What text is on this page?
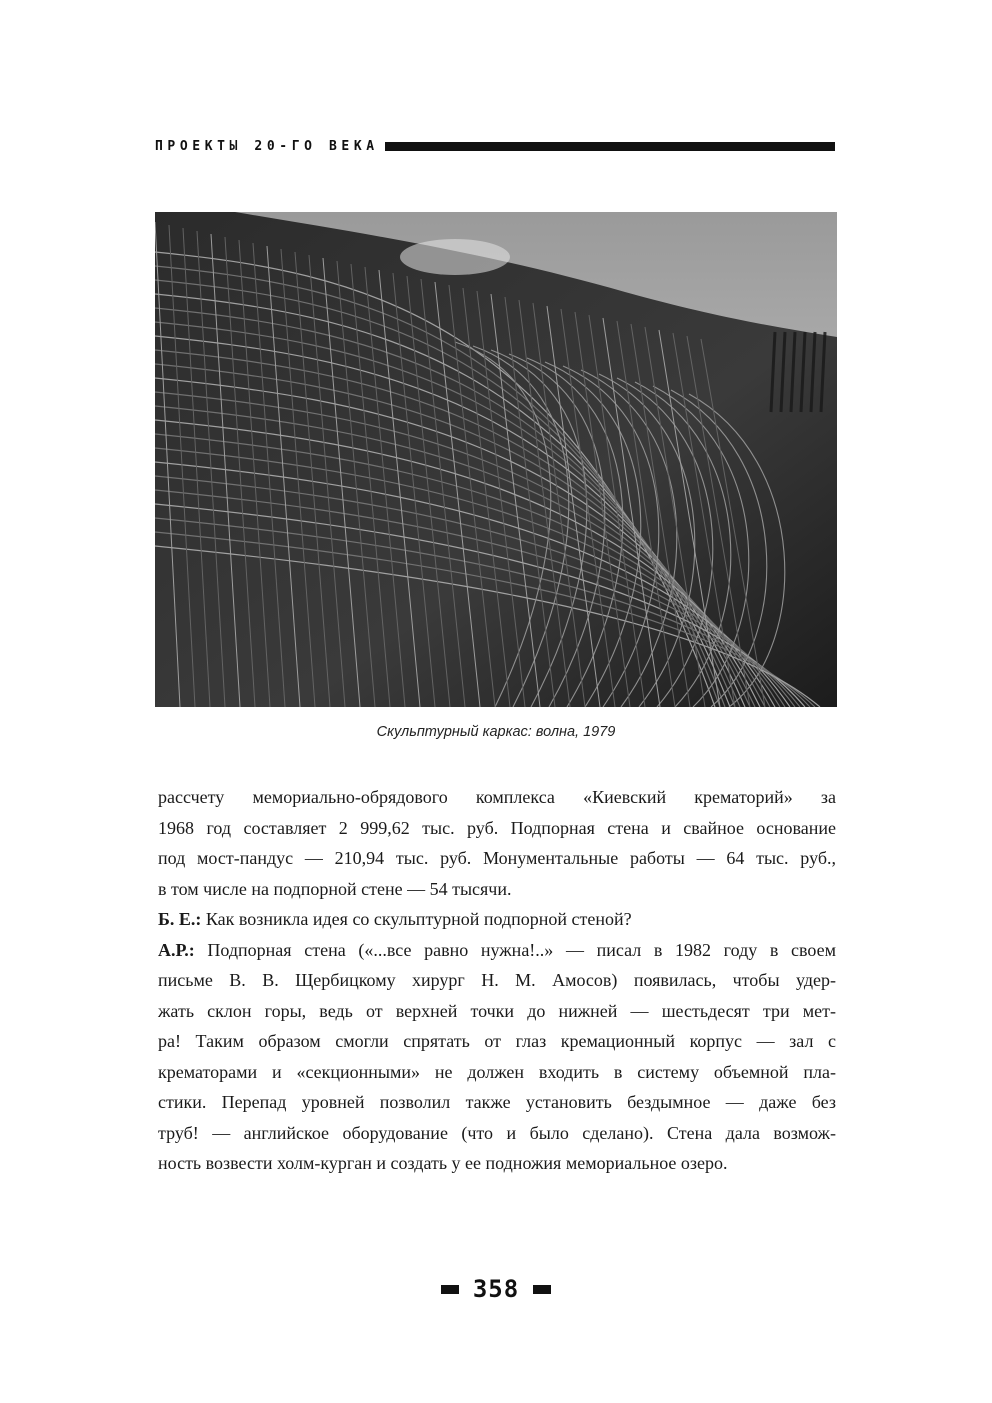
ПРОЕКТЫ 20-ГО ВЕКА
Скульптурный каркас: волна, 1979
рассчету мемориально-обрядового комплекса «Киевский крематорий» за
1968 год составляет 2 999,62 тыс. руб. Подпорная стена и свайное основание
под мост-пандус — 210,94 тыс. руб. Монументальные работы — 64 тыс. руб.,
в том числе на подпорной стене — 54 тысячи.
Б. Е.: Как возникла идея со скульптурной подпорной стеной?
А.Р.: Подпорная стена («...все равно нужна!..» — писал в 1982 году в своем
письме В. В. Щербицкому хирург Н. М. Амосов) появилась, чтобы удер-
жать склон горы, ведь от верхней точки до нижней — шестьдесят три мет-
ра! Таким образом смогли спрятать от глаз кремационный корпус — зал с
крематорами и «секционными» не должен входить в систему объемной пла-
стики. Перепад уровней позволил также установить бездымное — даже без
труб! — английское оборудование (что и было сделано). Стена дала возмож-
ность возвести холм-курган и создать у ее подножия мемориальное озеро.
358
